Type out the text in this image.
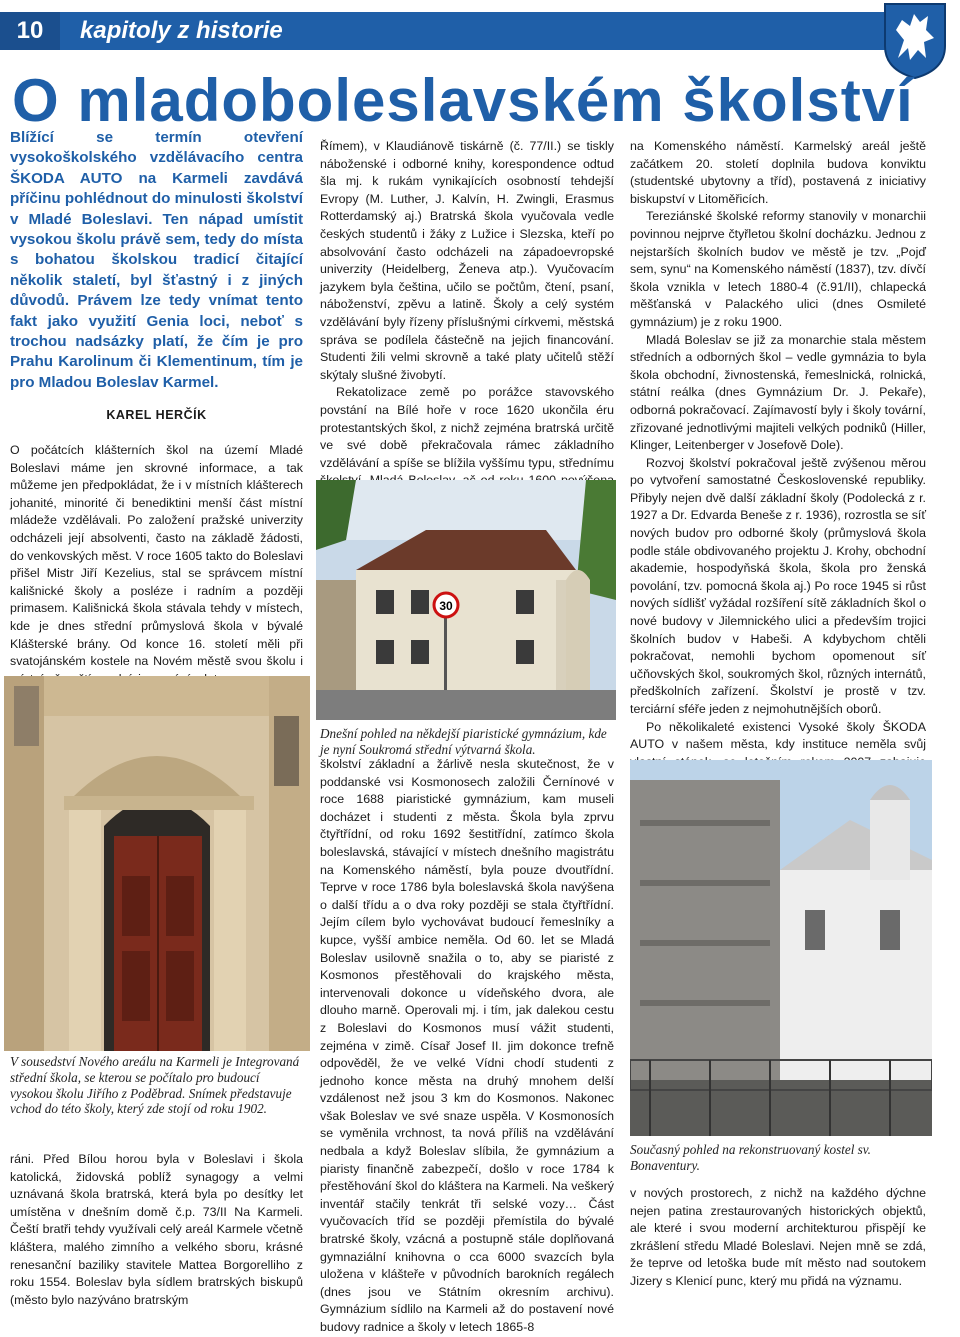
10	kapitoly z historie
O mladoboleslavském školství
Blížící se termín otevření vysokoškolského vzdělávacího centra ŠKODA AUTO na Karmeli zavdává příčinu pohlédnout do minulosti školství v Mladé Boleslavi. Ten nápad umístit vysokou školu právě sem, tedy do místa s bohatou školskou tradicí čitající několik staletí, byl šťastný i z jiných důvodů. Právem lze tedy vnímat tento fakt jako využití Genia loci, neboť s trochou nadsázky platí, že čím je pro Prahu Karolinum či Klementinum, tím je pro Mladou Boleslav Karmel.
KAREL HERČÍK

O počátcích klášterních škol na území Mladé Boleslavi máme jen skrovné informace, a tak můžeme jen předpokládat, že i v místních klášterech johanité, minorité či benediktini menší část místní mládeže vzdělávali. Po založení pražské univerzity odcházeli její absolventi, často na základě žádosti, do venkovských měst. V roce 1605 takto do Boleslavi přišel Mistr Jiří Kezelius, stal se správcem místní kališnické školy a posléze i radním a později primasem. Kališnická škola stávala tehdy v místech, kde je dnes střední průmyslová škola v bývalé Klášterské brány. Od konce 16. století měli při svatojánském kostele na Novém městě svou školu i

V sousedství Nového areálu na Karmeli je Integrovaná střední škola, se kterou se počítalo pro budoucí vysokou školu Jiřího z Poděbrad. Snímek představuje vchod do této školy, který zde stojí od roku 1902.

ráni. Před Bílou horou byla v Boleslavi i škola katolická, židovská poblíž synagogy a velmi uznávaná škola bratrská, která byla po desítky let umístěna v dnešním domě č.p. 73/II Na Karmeli. Čeští bratři tehdy využívali celý areál Karmele včetně kláštera, malého zimního a velkého sboru, krásné renesanční baziliky stavitele Mattea Borgorelliho z roku 1554. Boleslav byla sídlem bratrských biskupů (město bylo nazýváno bratrským

Římem), v Klaudiánově tiskárně (č. 77/II.) se tiskly náboženské i odborné knihy, korespondence odtud šla mj. k rukám vynikajících osobností tehdejší Evropy (M. Luther, J. Kalvín, H. Zwingli, Erasmus Rotterdamský aj.) Bratrská škola vyučovala vedle českých studentů i žáky z Lužice i Slezska, kteří po absolvování často odcházeli na západoevropské univerzity (Heidelberg, Ženeva atp.). Vyučovacím jazykem byla čeština, učilo se počtům, čtení, psaní, náboženství, zpěvu a latině. Školy a celý systém vzdělávání byly řízeny příslušnými církvemi, městská správa se podílela částečně na jejich financování. Studenti žili velmi skrovně a také platy učitelů stěží skýtaly slušné živobytí.

Rekatolizace země po porážce stavovského povstání na Bílé hoře v roce 1620 ukončila éru protestantských škol, z nichž zejména bratrská určitě ve své době překračovala rámec základního vzdělávání a spíše se blížila vyššímu typu, střednímu

30
Dnešní pohled na někdejší piaristické gymnázium, kde je nyní Soukromá střední výtvarná škola.

školství základní a žárlivě nesla skutečnost, že v poddanské vsi Kosmonosech založili Černínové v roce 1688 piaristické gymnázium, kam museli docházet i studenti z města. Škola byla zprvu čtyřtřídní, od roku 1692 šestitřídní, zatímco škola boleslavská, stávající v místech dnešního magistrátu na Komenského náměstí, byla pouze dvoutřídní. Teprve v roce 1786 byla boleslavská škola navýšena o další třídu a o dva roky později se stala čtyřtřídní. Jejím cílem bylo vychovávat budoucí řemeslníky a kupce, vyšší ambice neměla. Od 60. let se Mladá Boleslav usilovně snažila o to, aby se piaristé z Kosmonos přestěhovali do krajského města, intervenovali dokonce u vídeňského dvora, ale dlouho marně. Operovali mj. i tím, jak dalekou cestu z Boleslavi do Kosmonos musí vážit studenti, zejména v zimě. Císař Josef II. jim dokonce trefně odpověděl, že ve velké Vídni chodí studenti z jednoho konce města na druhý mnohem delší vzdálenost než jsou 3 km do Kosmonos. Nakonec však Boleslav ve své snaze uspěla. V Kosmonosích se vyměnila vrchnost, ta nová příliš na vzdělávání nedbala a když Boleslav slíbila, že gymnázium a piaristy finančně zabezpečí, došlo v roce 1784 k přestěhování škol do kláštera na Karmeli. Na veškerý inventář stačily tenkrát tři selské vozy… Část vyučovacích tříd se později přemístila do bývalé bratrské školy, vzácná a postupně stále doplňovaná gymnaziální knihovna o cca 6000 svazcích byla uložena v klášteře v původních barokních regálech (dnes jsou ve Státním okresním archivu). Gymnázium sídlilo na Karmeli až do postavení nové budovy radnice a školy v letech 1865-8

na Komenského náměstí. Karmelský areál ještě začátkem 20. století doplnila budova konviktu (studentské ubytovny a tříd), postavená z iniciativy biskupství v Litoměřicích.

Tereziánské školské reformy stanovily v monarchii povinnou nejprve čtyřletou školní docházku. Jednou z nejstarších školních budov ve městě je tzv. „Pojď sem, synu“ na Komenského náměstí (1837), tzv. dívčí škola vznikla v letech 1880-4 (č.91/II), chlapecká měšťanská v Palackého ulici (dnes Osmileté gymnázium) je z roku 1900.

Mladá Boleslav se již za monarchie stala městem středních a odborných škol – vedle gymnázia to byla škola obchodní, živnostenská, řemeslnická, rolnická, státní reálka (dnes Gymnázium Dr. J. Pekaře), odborná pokračovací. Zajímavostí byly i školy tovární, zřizované jednotlivými majiteli velkých podniků (Hiller, Klinger, Leitenberger v Josefově Dole).

Rozvoj školství pokračoval ještě zvýšenou měrou po vytvoření samostatné Československé republiky. Přibyly nejen dvě další základní školy (Podolecká z r. 1927 a Dr. Edvarda Beneše z r. 1936), rozrostla se síť nových budov pro odborné školy (průmyslová škola podle stále obdivovaného projektu J. Krohy, obchodní akademie, hospodyňská škola, škola pro ženská povolání, tzv. pomocná škola aj.) Po roce 1945 si růst nových sídlišť vyžádal rozšíření sítě základních škol o nové budovy v Jilemnického ulici a především trojici školních budov v Habeši. A kdybychom chtěli pokračovat, nemohli bychom opomenout síť učňovských škol, soukromých škol, různých internátů, předškolních zařízení. Školství je prostě v tzv. terciární sféře jeden z nejmohutnějších oborů.

Po několikaleté existenci Vysoké školy ŠKODA AUTO v našem města, kdy instituce neměla svůj

Současný pohled na rekonstruovaný kostel sv. Bonaventury.

v nových prostorech, z nichž na každého dýchne nejen patina zrestaurovaných historických objektů, ale které i svou moderní architekturou přispějí ke zkrášlení středu Mladé Boleslavi. Nejen mně se zdá, že teprve od letoška bude mít město nad soutokem Jizery s Klenicí punc, který mu přidá na významu.
